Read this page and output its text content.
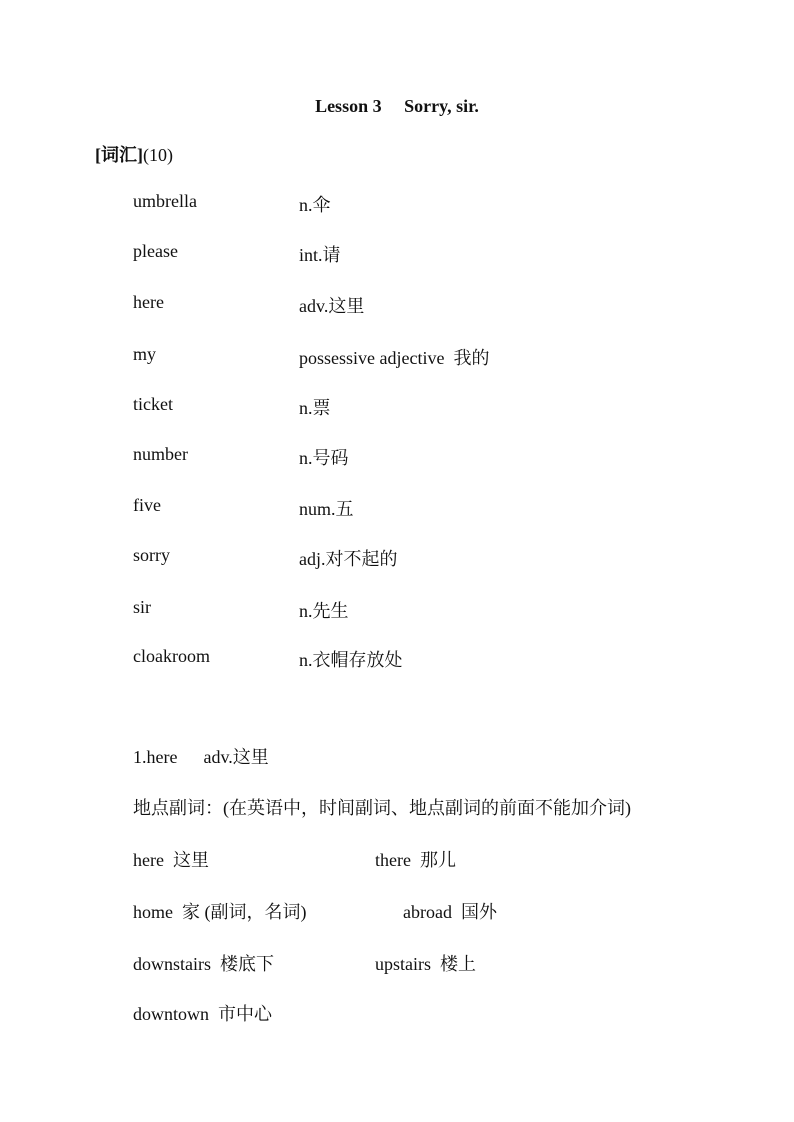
Lesson 3 Sorry, sir.
[词汇](10)
umbrella	n.伞
please	int.请
here	adv.这里
my	possessive adjective  我的
ticket	n.票
number	n.号码
five	num.五
sorry	adj.对不起的
sir	n.先生
cloakroom	n.衣帽存放处
1.here adv.这里
地点副词：(在英语中，时间副词、地点副词的前面不能加介词)
here  这里	there  那儿
home  家 (副词，名词)	abroad  国外
downstairs  楼底下	upstairs  楼上
downtown  市中心
